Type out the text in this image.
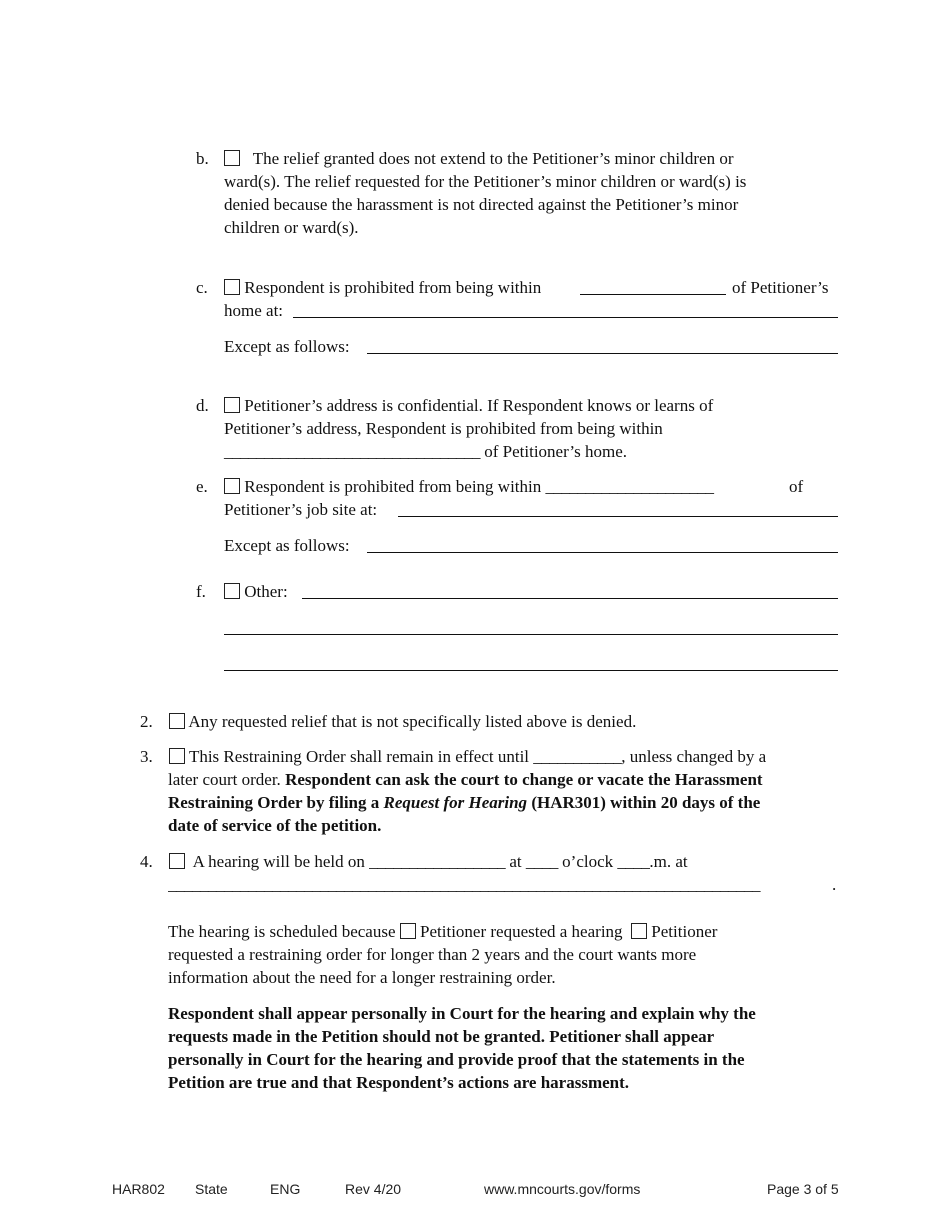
b.	The relief granted does not extend to the Petitioner’s minor children or
ward(s). The relief requested for the Petitioner’s minor children or ward(s) is
denied because the harassment is not directed against the Petitioner’s minor
children or ward(s).
c.	Respondent is prohibited from being within	of Petitioner’s
home at:
Except as follows:
d.	Petitioner’s address is confidential. If Respondent knows or learns of
Petitioner’s address, Respondent is prohibited from being within
________________________________ of Petitioner’s home.
e.	Respondent is prohibited from being within _____________________	of
Petitioner’s job site at:
Except as follows:
f.	Other:
2.	Any requested relief that is not specifically listed above is denied.
3.	This Restraining Order shall remain in effect until ___________, unless changed by a
later court order. Respondent can ask the court to change or vacate the Harassment
Restraining Order by filing a Request for Hearing (HAR301) within 20 days of the
date of service of the petition.
4.	A hearing will be held on _________________ at ____ o’clock ____.m. at
__________________________________________________________________________	.
The hearing is scheduled because Petitioner requested a hearing Petitioner
requested a restraining order for longer than 2 years and the court wants more
information about the need for a longer restraining order.
Respondent shall appear personally in Court for the hearing and explain why the
requests made in the Petition should not be granted. Petitioner shall appear
personally in Court for the hearing and provide proof that the statements in the
Petition are true and that Respondent’s actions are harassment.
HAR802 State	ENG	Rev 4/20	www.mncourts.gov/forms	Page 3 of 5
